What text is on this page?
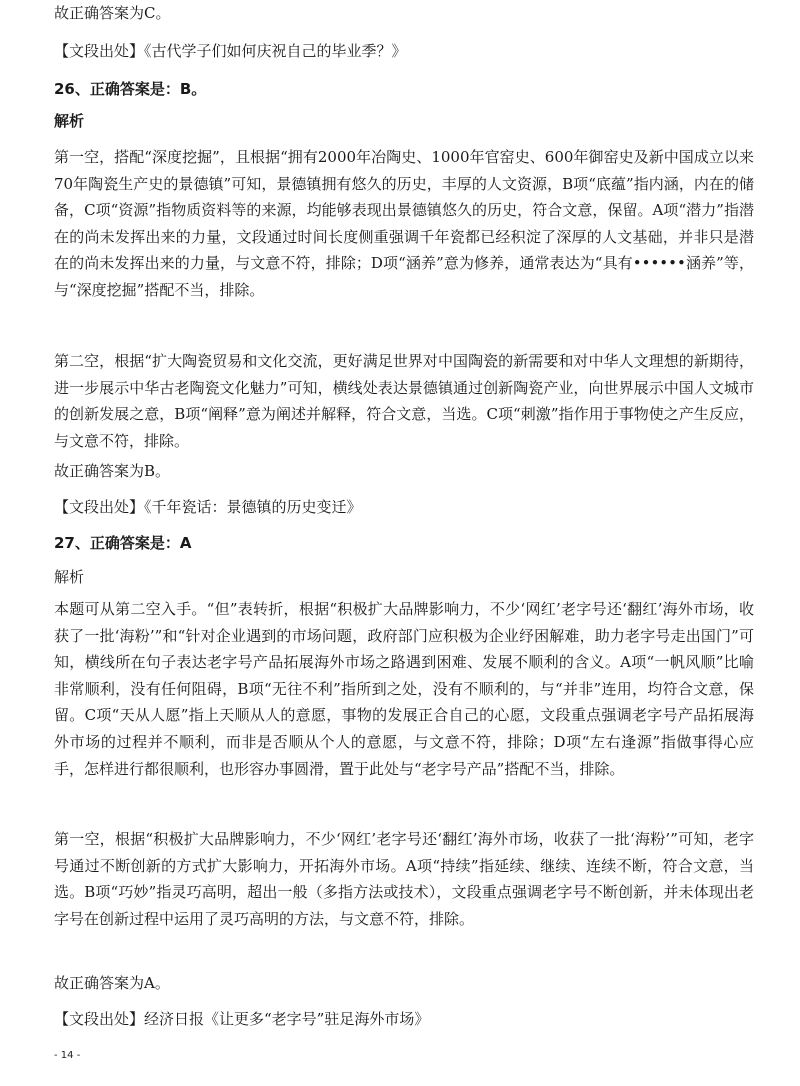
故正确答案为C。

【文段出处】《古代学子们如何庆祝自己的毕业季？》

26、正确答案是：B。

解析

第一空，搭配“深度挖掘”，且根据“拥有2000年冶陶史、1000年官窑史、600年御窑史及新中国成立以来70年陶瓷生产史的景德镇”可知，景德镇拥有悠久的历史，丰厚的人文资源，B项“底蕴”指内涵，内在的储备，C项“资源”指物质资料等的来源，均能够表现出景德镇悠久的历史，符合文意，保留。A项“潜力”指潜在的尚未发挥出来的力量，文段通过时间长度侧重强调千年瓷都已经积淀了深厚的人文基础，并非只是潜在的尚未发挥出来的力量，与文意不符，排除；D项“涵养”意为修养，通常表达为“具有••••••涵养”等，与“深度挖掘”搭配不当，排除。

第二空，根据“扩大陶瓷贸易和文化交流，更好满足世界对中国陶瓷的新需要和对中华人文理想的新期待，进一步展示中华古老陶瓷文化魅力”可知，横线处表达景德镇通过创新陶瓷产业，向世界展示中国人文城市的创新发展之意，B项“阐释”意为阐述并解释，符合文意，当选。C项“刺激”指作用于事物使之产生反应，与文意不符，排除。

故正确答案为B。

【文段出处】《千年瓷话：景德镇的历史变迁》

27、正确答案是：A

解析

本题可从第二空入手。“但”表转折，根据“积极扩大品牌影响力，不少‘网红’老字号还‘翻红’海外市场，收获了一批‘海粉’”和“针对企业遇到的市场问题，政府部门应积极为企业纾困解难，助力老字号走出国门”可知，横线所在句子表达老字号产品拓展海外市场之路遇到困难、发展不顺利的含义。A项“一帆风顺”比喻非常顺利，没有任何阻碍，B项“无往不利”指所到之处，没有不顺利的，与“并非”连用，均符合文意，保留。C项“天从人愿”指上天顺从人的意愿，事物的发展正合自己的心愿，文段重点强调老字号产品拓展海外市场的过程并不顺利，而非是否顺从个人的意愿，与文意不符，排除；D项“左右逢源”指做事得心应手，怎样进行都很顺利，也形容办事圆滑，置于此处与“老字号产品”搭配不当，排除。

第一空，根据“积极扩大品牌影响力，不少‘网红’老字号还‘翻红’海外市场，收获了一批‘海粉’”可知，老字号通过不断创新的方式扩大影响力，开拓海外市场。A项“持续”指延续、继续、连续不断，符合文意，当选。B项“巧妙”指灵巧高明，超出一般（多指方法或技术），文段重点强调老字号不断创新，并未体现出老字号在创新过程中运用了灵巧高明的方法，与文意不符，排除。

故正确答案为A。

【文段出处】经济日报《让更多“老字号”驻足海外市场》

- 14 -
